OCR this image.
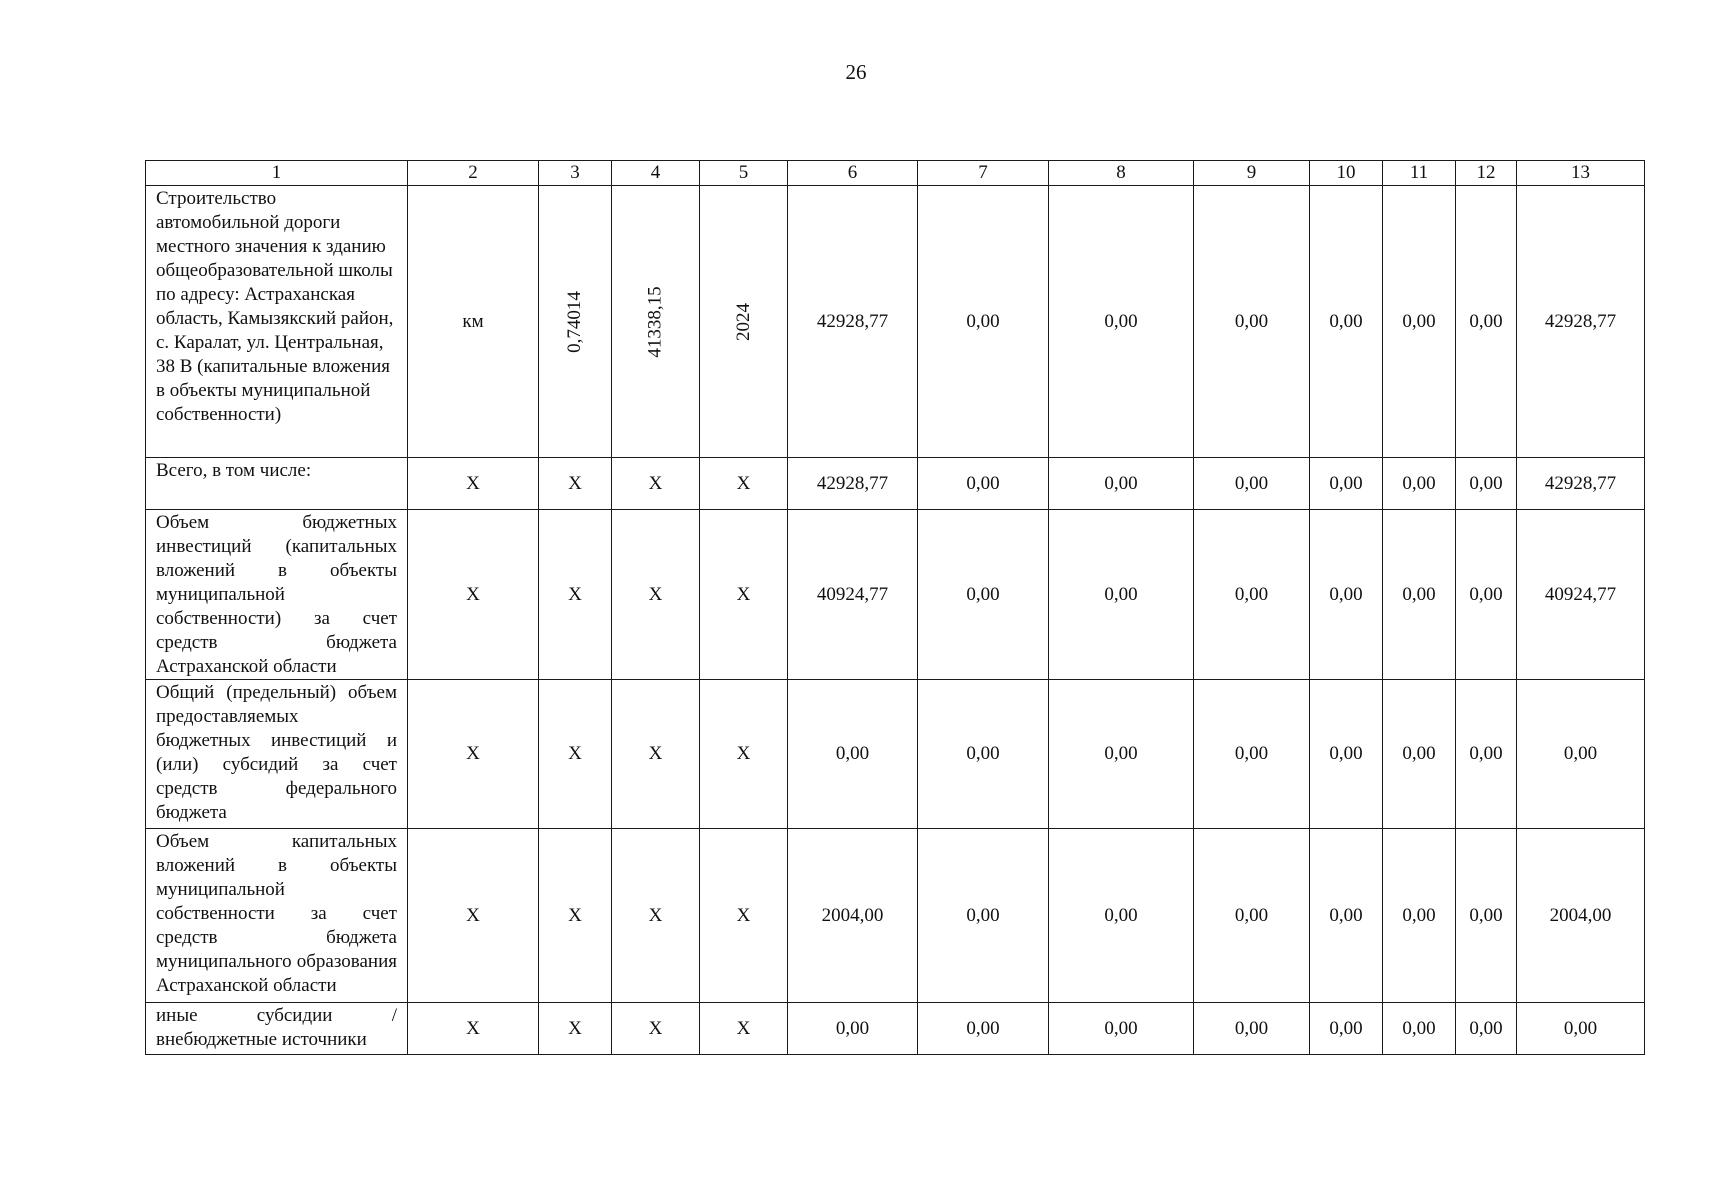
26
1	2	3	4	5	6	7	8	9	10	11	12	13
Строительство автомобильной дороги местного значения к зданию общеобразовательной школы по адресу: Астраханская область, Камызякский район, с. Каралат, ул. Центральная, 38 В (капитальные вложения в объекты муниципальной собственности)	км	0,74014	41338,15	2024	42928,77	0,00	0,00	0,00	0,00	0,00	0,00	42928,77
Всего, в том числе:	X	X	X	X	42928,77	0,00	0,00	0,00	0,00	0,00	0,00	42928,77
Объем бюджетных инвестиций (капитальных вложений в объекты муниципальной собственности) за счет средств бюджета Астраханской области	X	X	X	X	40924,77	0,00	0,00	0,00	0,00	0,00	0,00	40924,77
Общий (предельный) объем предоставляемых бюджетных инвестиций и (или) субсидий за счет средств федерального бюджета	X	X	X	X	0,00	0,00	0,00	0,00	0,00	0,00	0,00	0,00
Объем капитальных вложений в объекты муниципальной собственности за счет средств бюджета муниципального образования Астраханской области	X	X	X	X	2004,00	0,00	0,00	0,00	0,00	0,00	0,00	2004,00
иные субсидии / внебюджетные источники	X	X	X	X	0,00	0,00	0,00	0,00	0,00	0,00	0,00	0,00
